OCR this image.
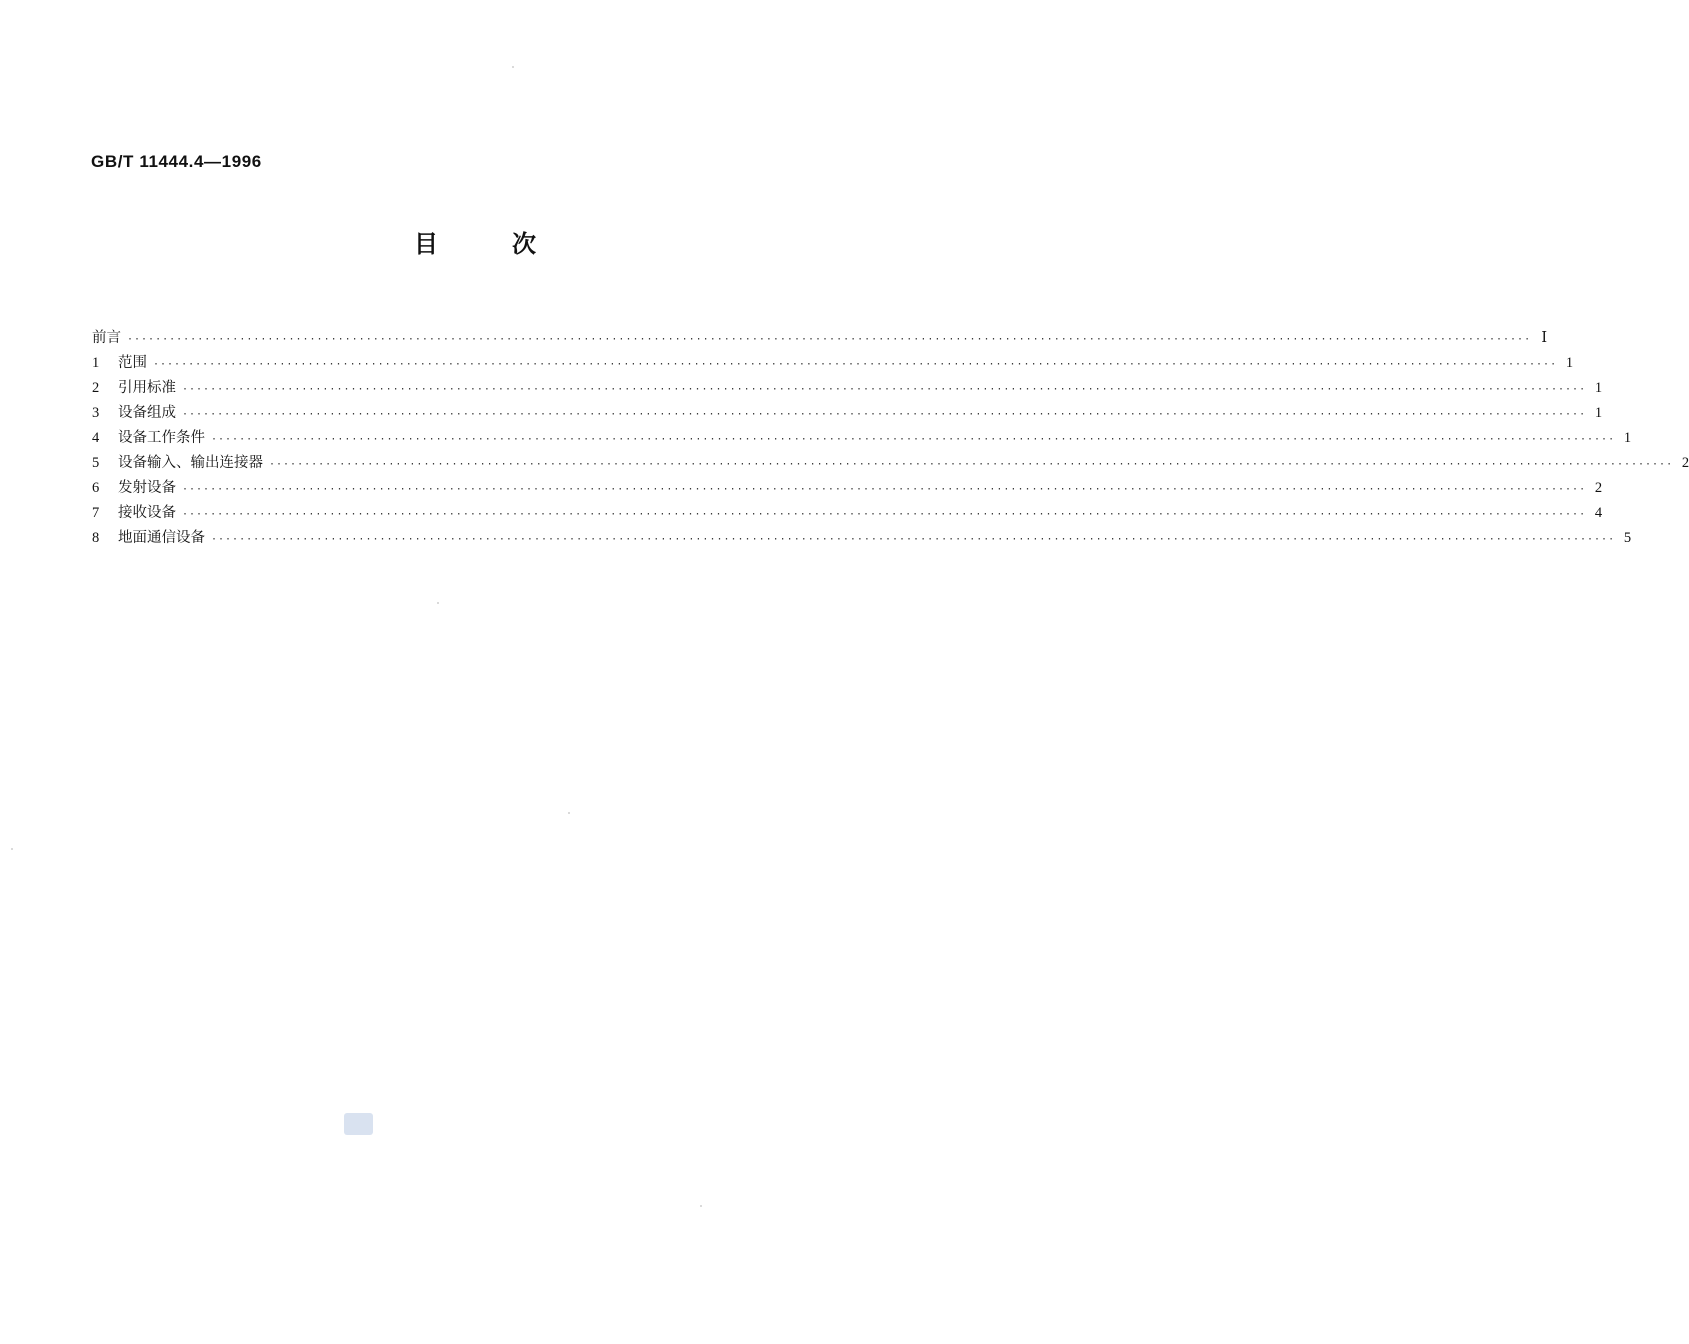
GB/T 11444.4—1996
目	次
前言 ········································································································································································································ Ⅰ
1	范围 ········································································································································································································ 1
2	引用标准 ········································································································································································································ 1
3	设备组成 ········································································································································································································ 1
4	设备工作条件 ········································································································································································································ 1
5	设备输入、输出连接器 ········································································································································································································ 2
6	发射设备 ········································································································································································································ 2
7	接收设备 ········································································································································································································ 4
8	地面通信设备 ········································································································································································································ 5
